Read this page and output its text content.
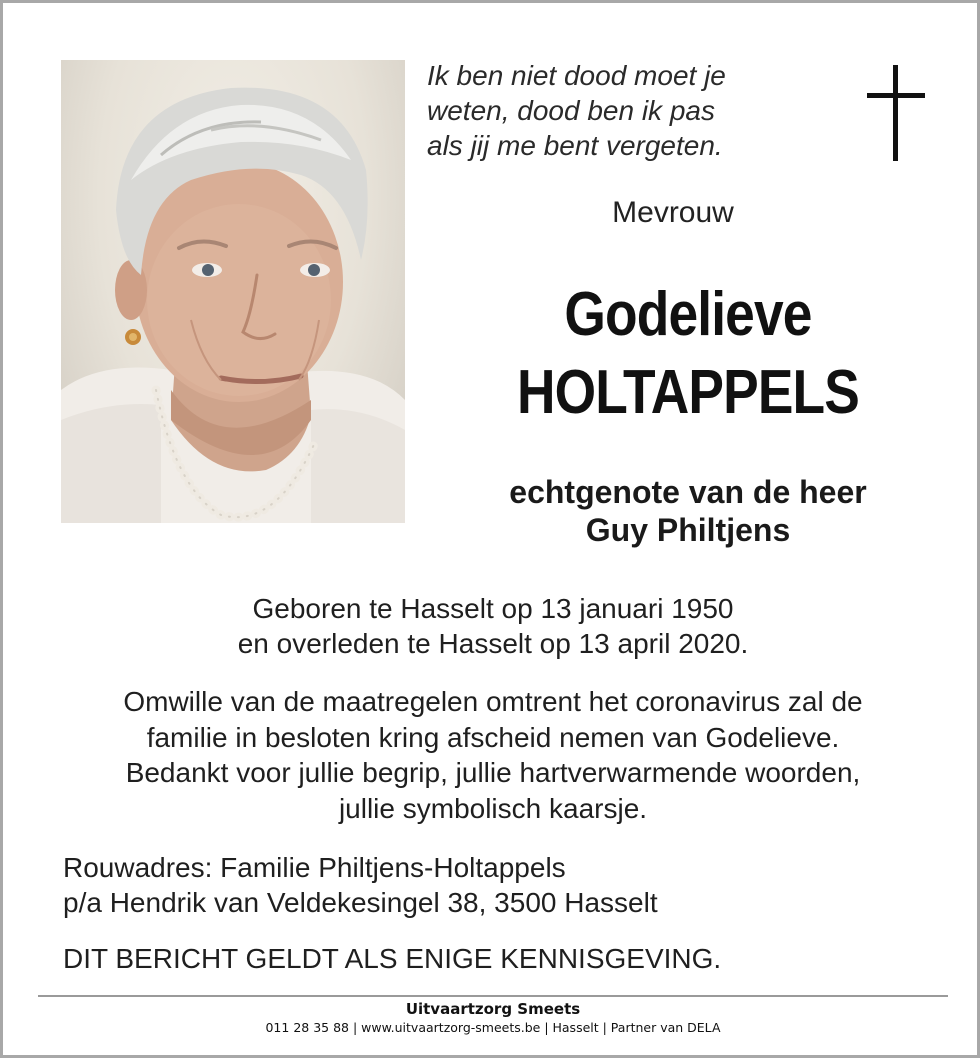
Ik ben niet dood moet je
weten, dood ben ik pas
als jij me bent vergeten.
Mevrouw
Godelieve
HOLTAPPELS
echtgenote van de heer
Guy Philtjens
Geboren te Hasselt op 13 januari 1950
en overleden te Hasselt op 13 april 2020.
Omwille van de maatregelen omtrent het coronavirus zal de
familie in besloten kring afscheid nemen van Godelieve.
Bedankt voor jullie begrip, jullie hartverwarmende woorden,
jullie symbolisch kaarsje.
Rouwadres: Familie Philtjens-Holtappels
p/a Hendrik van Veldekesingel 38, 3500 Hasselt
DIT BERICHT GELDT ALS ENIGE KENNISGEVING.
Uitvaartzorg Smeets
011 28 35 88 | www.uitvaartzorg-smeets.be | Hasselt | Partner van DELA
